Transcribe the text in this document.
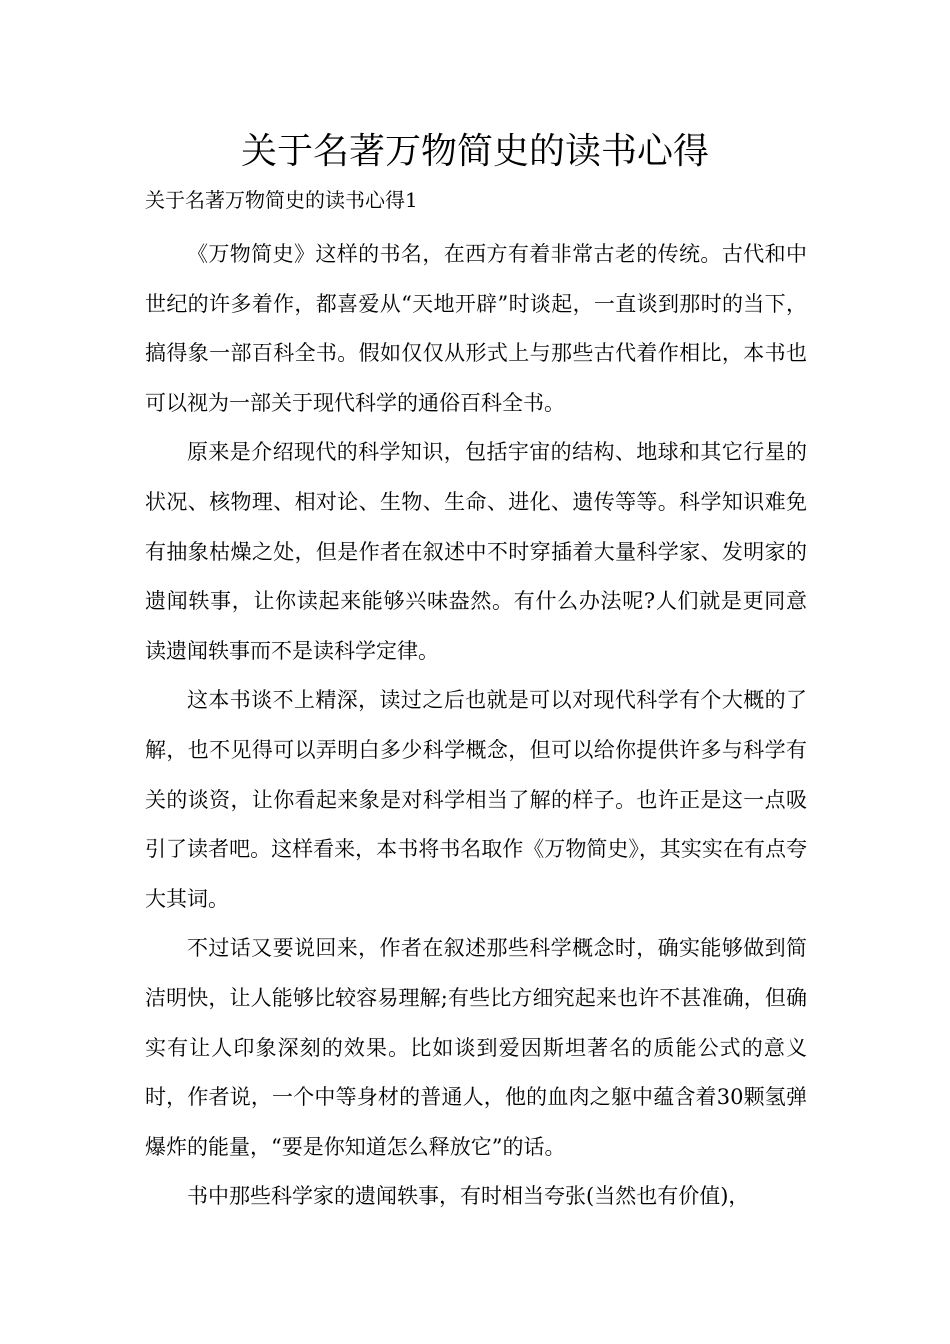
关于名著万物简史的读书心得
关于名著万物简史的读书心得1

《万物简史》这样的书名，在西方有着非常古老的传统。古代和中世纪的许多着作，都喜爱从“天地开辟”时谈起，一直谈到那时的当下，搞得象一部百科全书。假如仅仅从形式上与那些古代着作相比，本书也可以视为一部关于现代科学的通俗百科全书。

原来是介绍现代的科学知识，包括宇宙的结构、地球和其它行星的状况、核物理、相对论、生物、生命、进化、遗传等等。科学知识难免有抽象枯燥之处，但是作者在叙述中不时穿插着大量科学家、发明家的遗闻轶事，让你读起来能够兴味盎然。有什么办法呢?人们就是更同意读遗闻轶事而不是读科学定律。

这本书谈不上精深，读过之后也就是可以对现代科学有个大概的了解，也不见得可以弄明白多少科学概念，但可以给你提供许多与科学有关的谈资，让你看起来象是对科学相当了解的样子。也许正是这一点吸引了读者吧。这样看来，本书将书名取作《万物简史》，其实实在有点夸大其词。

不过话又要说回来，作者在叙述那些科学概念时，确实能够做到简洁明快，让人能够比较容易理解;有些比方细究起来也许不甚准确，但确实有让人印象深刻的效果。比如谈到爱因斯坦著名的质能公式的意义时，作者说，一个中等身材的普通人，他的血肉之躯中蕴含着30颗氢弹爆炸的能量，“要是你知道怎么释放它”的话。

书中那些科学家的遗闻轶事，有时相当夸张(当然也有价值)，
